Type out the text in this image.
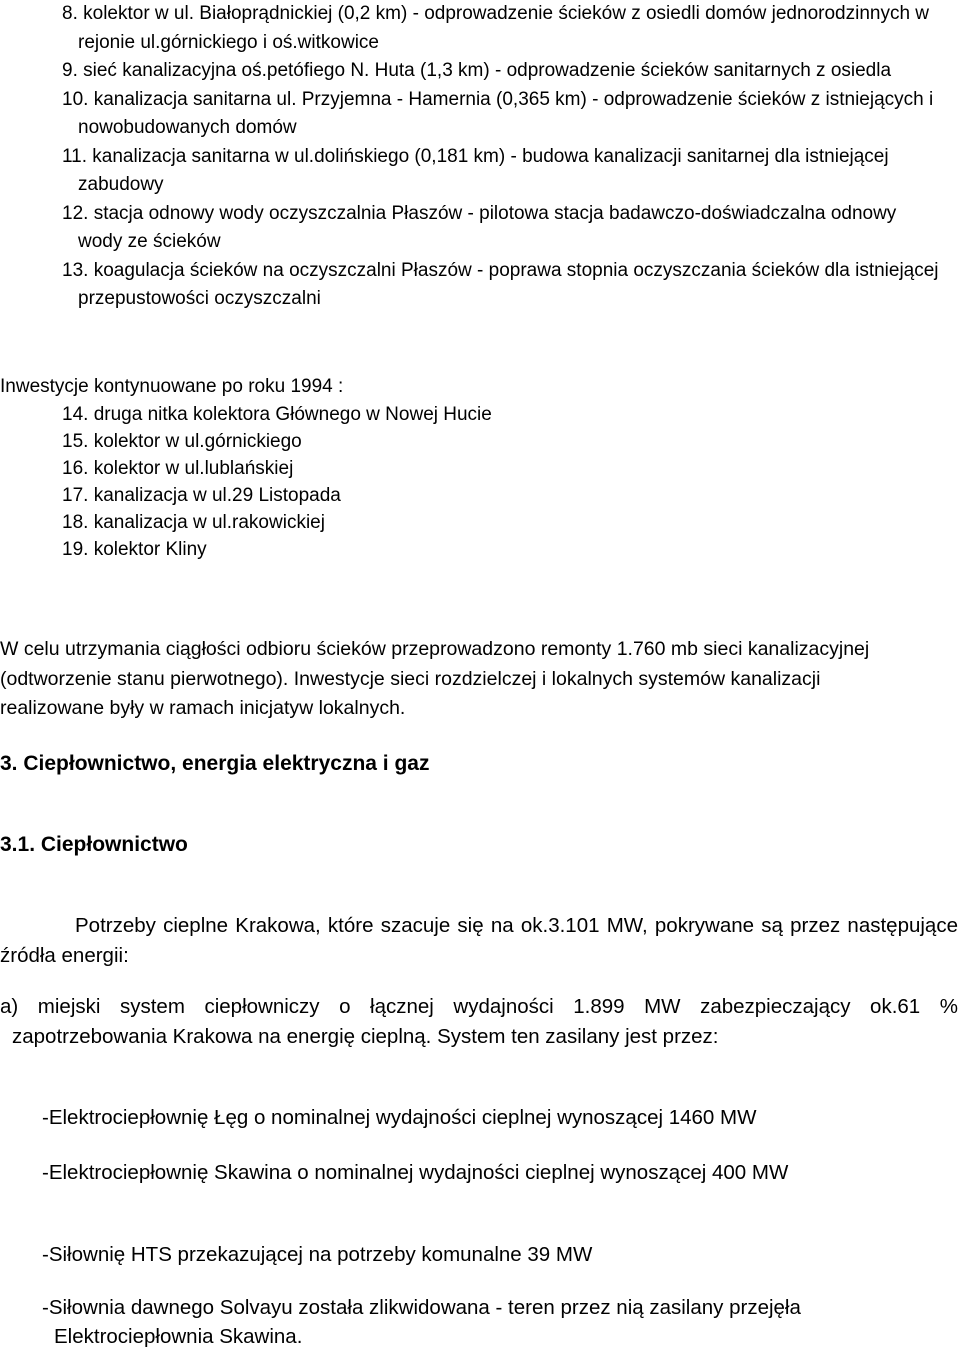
8. kolektor w ul. Białoprądnickiej (0,2 km) - odprowadzenie ścieków z osiedli domów jednorodzinnych w rejonie ul.górnickiego i oś.witkowice
9. sieć kanalizacyjna oś.petófiego N. Huta (1,3 km) - odprowadzenie ścieków sanitarnych z osiedla
10. kanalizacja sanitarna ul. Przyjemna - Hamernia (0,365 km) - odprowadzenie ścieków z istniejących i nowobudowanych domów
11. kanalizacja sanitarna w ul.dolińskiego (0,181 km) - budowa kanalizacji sanitarnej dla istniejącej zabudowy
12. stacja odnowy wody oczyszczalnia Płaszów - pilotowa stacja badawczo-doświadczalna odnowy wody ze ścieków
13. koagulacja ścieków na oczyszczalni Płaszów - poprawa stopnia oczyszczania ścieków dla istniejącej przepustowości oczyszczalni

Inwestycje kontynuowane po roku 1994 :

14. druga nitka kolektora Głównego w Nowej Hucie
15. kolektor w ul.górnickiego
16. kolektor w ul.lublańskiej
17. kanalizacja w ul.29 Listopada
18. kanalizacja w ul.rakowickiej
19. kolektor Kliny

W celu utrzymania ciągłości odbioru ścieków przeprowadzono remonty 1.760 mb sieci kanalizacyjnej (odtworzenie stanu pierwotnego). Inwestycje sieci rozdzielczej i lokalnych systemów kanalizacji realizowane były w ramach inicjatyw lokalnych.

3. Ciepłownictwo, energia elektryczna i gaz

3.1. Ciepłownictwo

Potrzeby cieplne Krakowa, które szacuje się na ok.3.101 MW, pokrywane są przez następujące źródła energii:

a) miejski system ciepłowniczy o łącznej wydajności 1.899 MW zabezpieczający ok.61 % zapotrzebowania Krakowa na energię cieplną. System ten zasilany jest przez:

-Elektrociepłownię Łęg o nominalnej wydajności cieplnej wynoszącej 1460 MW

-Elektrociepłownię Skawina o nominalnej wydajności cieplnej wynoszącej 400 MW

-Siłownię HTS przekazującej na potrzeby komunalne 39 MW

-Siłownia dawnego Solvayu została zlikwidowana - teren przez nią zasilany przejęła Elektrociepłownia Skawina.
